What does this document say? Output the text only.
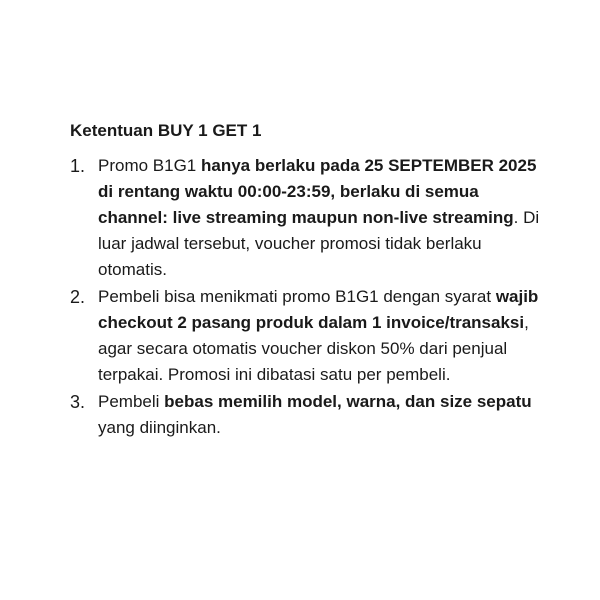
Ketentuan BUY 1 GET 1
1. Promo B1G1 hanya berlaku pada 25 SEPTEMBER 2025 di rentang waktu 00:00-23:59, berlaku di semua channel: live streaming maupun non-live streaming. Di luar jadwal tersebut, voucher promosi tidak berlaku otomatis.
2. Pembeli bisa menikmati promo B1G1 dengan syarat wajib checkout 2 pasang produk dalam 1 invoice/transaksi, agar secara otomatis voucher diskon 50% dari penjual terpakai. Promosi ini dibatasi satu per pembeli.
3. Pembeli bebas memilih model, warna, dan size sepatu yang diinginkan.
